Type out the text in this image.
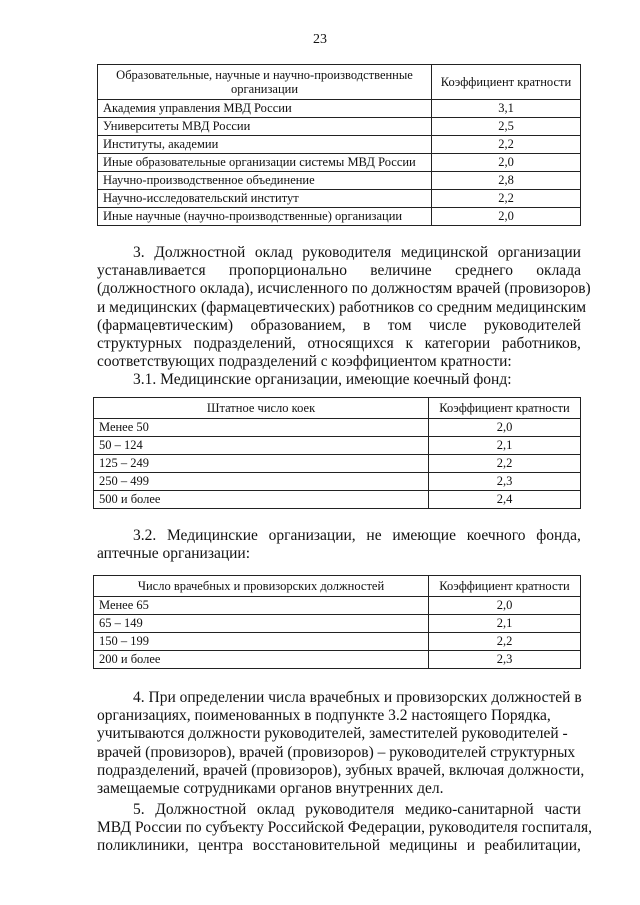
23
Образовательные, научные и научно-производственные организации	Коэффициент кратности
Академия управления МВД России	3,1
Университеты МВД России	2,5
Институты, академии	2,2
Иные образовательные организации системы МВД России	2,0
Научно-производственное объединение	2,8
Научно-исследовательский институт	2,2
Иные научные (научно-производственные) организации	2,0
3. Должностной оклад руководителя медицинской организации
устанавливается пропорционально величине среднего оклада
(должностного оклада), исчисленного по должностям врачей (провизоров)
и медицинских (фармацевтических) работников со средним медицинским
(фармацевтическим) образованием, в том числе руководителей
структурных подразделений, относящихся к категории работников,
соответствующих подразделений с коэффициентом кратности:
3.1. Медицинские организации, имеющие коечный фонд:
Штатное число коек	Коэффициент кратности
Менее 50	2,0
50 – 124	2,1
125 – 249	2,2
250 – 499	2,3
500 и более	2,4
3.2. Медицинские организации, не имеющие коечного фонда,
аптечные организации:
Число врачебных и провизорских должностей	Коэффициент кратности
Менее 65	2,0
65 – 149	2,1
150 – 199	2,2
200 и более	2,3
4. При определении числа врачебных и провизорских должностей в
организациях, поименованных в подпункте 3.2 настоящего Порядка,
учитываются должности руководителей, заместителей руководителей -
врачей (провизоров), врачей (провизоров) – руководителей структурных
подразделений, врачей (провизоров), зубных врачей, включая должности,
замещаемые сотрудниками органов внутренних дел.
5. Должностной оклад руководителя медико-санитарной части
МВД России по субъекту Российской Федерации, руководителя госпиталя,
поликлиники, центра восстановительной медицины и реабилитации,
